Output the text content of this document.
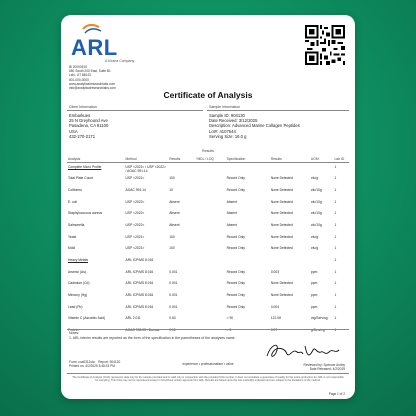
ARL
A Kirana Company
Bl 20000515
650 South 200 East, Suite B1
Lehi, UT 84043
801-000-0000
www.analyticalresearchlabs.com
info@analyticalresearchlabs.com
Certificate of Analysis
Client Information	Sample Information
Embarkues
25 N Greyhound Ave
Pasadena, CA 91100
USA
432-270-2171
Sample ID: 904130
Date Received: 3/12/2025
Description: Advanced Marine Collagen Peptides
Lot#: 4107544
Serving Size: 16.0 g
Results
Analysis	Method	Results	*MDL / LOQ	Specification	Results	UOM	Lab ID
Complete Micro Profile	USP <2021> / USP <2022> / AOAC 991.14						1
Total Plate Count	USP <2021>	100		Record Only	None Detected	cfu/g	1
Coliforms	AOAC 991.14	10		Record Only	None Detected	cfu/10g	1
E. coli	USP <2022>	Absent		Absent	None Detected	cfu/10g	1
Staphylococcus aureus	USP <2022>	Absent		Absent	None Detected	cfu/10g	1
Salmonella	USP <2022>	Absent		Absent	None Detected	cfu/10g	1
Yeast	USP <2021>	100		Record Only	None Detected	cfu/g	1
Mold	USP <2021>	100		Record Only	None Detected	cfu/g	1
Heavy Metals	ARL ICP/MS 8.016						1
Arsenic (As)	ARL ICP/MS 8.016	0.001		Record Only	0.003	ppm	1
Cadmium (Cd)	ARL ICP/MS 8.016	0.001		Record Only	None Detected	ppm	1
Mercury (Hg)	ARL ICP/MS 8.016	0.001		Record Only	None Detected	ppm	1
Lead (Pb)	ARL ICP/MS 8.016	0.001		Record Only	0.004	ppm	1
Vitamin C (Ascorbic Acid)	ARL 2.011	0.53		> 90	122.08	mg/Serving	1
Protein	AOAC 998.03 - Dumas	0.15		> 5	0.97	g/Serving	1
Notes:
1. ARL interim results are reported as the form of the specification in the parentheses of the analyses name.
Form: coa0312ola Report: 904130
Printed on: 4/2/2025 5:48:33 PM
experience • professionalism • value	Reviewed by: Spencer Ashby
Date Released: 4/2/2025
The Certificate of Analysis (COA) represents data only for the sample provided and is valid only in conjunction with the provided COA number. It does not constitute a guarantee of quality for the entire production lot. ARL is not responsible for sampling. This COA may not be reproduced except in full without written approval from ARL. Results are based upon the test method(s) indicated and are subject to the limitations of the method.
Page 1 of 2
